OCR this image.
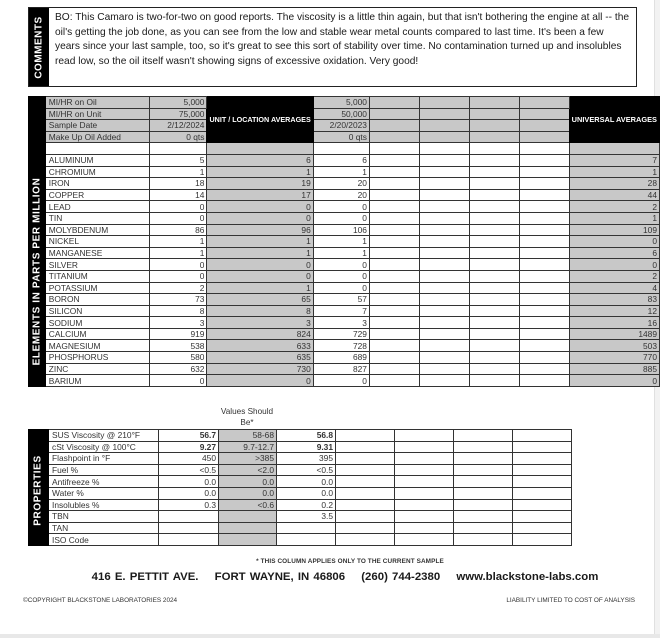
COMMENTS	BO: This Camaro is two-for-two on good reports. The viscosity is a little thin again, but that isn't bothering the engine at all -- the oil's getting the job done, as you can see from the low and stable wear metal counts compared to last time. It's been a few years since your last sample, too, so it's great to see this sort of stability over time. No contamination turned up and insolubles read low, so the oil itself wasn't showing signs of excessive oxidation. Very good!
	MI/HR on Oil	5,000	UNIT / LOCATION AVERAGES	5,000					UNIVERSAL AVERAGES
	MI/HR on Unit	75,000		50,000					
	Sample Date	2/12/2024		2/20/2023					
	Make Up Oil Added	0 qts		0 qts					

	ALUMINUM	5	6	6					7
	CHROMIUM	1	1	1					1
	IRON	18	19	20					28
	COPPER	14	17	20					44
	LEAD	0	0	0					2
	TIN	0	0	0					1
	MOLYBDENUM	86	96	106					109
	NICKEL	1	1	1					0
	MANGANESE	1	1	1					6
	SILVER	0	0	0					0
	TITANIUM	0	0	0					2
	POTASSIUM	2	1	0					4
	BORON	73	65	57					83
	SILICON	8	8	7					12
	SODIUM	3	3	3					16
	CALCIUM	919	824	729					1489
	MAGNESIUM	538	633	728					503
	PHOSPHORUS	580	635	689					770
	ZINC	632	730	827					885
	BARIUM	0	0	0					0
ELEMENTS IN PARTS PER MILLION
Values Should Be*
	SUS Viscosity @ 210°F	56.7	58-68	56.8				
	cSt Viscosity @ 100°C	9.27	9.7-12.7	9.31				
	Flashpoint in °F	450	>385	395				
	Fuel %	<0.5	<2.0	<0.5				
	Antifreeze %	0.0	0.0	0.0				
	Water %	0.0	0.0	0.0				
	Insolubles %	0.3	<0.6	0.2				
	TBN			3.5				
	TAN							
	ISO Code							
PROPERTIES
* THIS COLUMN APPLIES ONLY TO THE CURRENT SAMPLE
416 E. PETTIT AVE. FORT WAYNE, IN 46806 (260) 744-2380 www.blackstone-labs.com
©COPYRIGHT BLACKSTONE LABORATORIES 2024	LIABILITY LIMITED TO COST OF ANALYSIS
